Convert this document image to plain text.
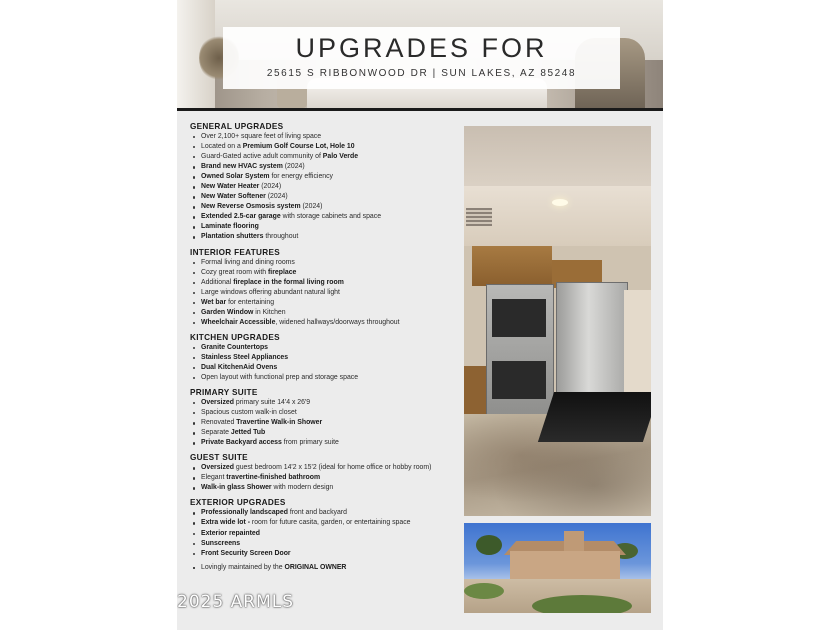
UPGRADES FOR
25615 S RIBBONWOOD DR | SUN LAKES, AZ 85248
GENERAL UPGRADES
Over 2,100+ square feet of living space
Located on a Premium Golf Course Lot, Hole 10
Guard-Gated active adult community of Palo Verde
Brand new HVAC system (2024)
Owned Solar System for energy efficiency
New Water Heater (2024)
New Water Softener (2024)
New Reverse Osmosis system (2024)
Extended 2.5-car garage with storage cabinets and space
Laminate flooring
Plantation shutters throughout
INTERIOR FEATURES
Formal living and dining rooms
Cozy great room with fireplace
Additional fireplace in the formal living room
Large windows offering abundant natural light
Wet bar for entertaining
Garden Window in Kitchen
Wheelchair Accessible, widened hallways/doorways throughout
KITCHEN UPGRADES
Granite Countertops
Stainless Steel Appliances
Dual KitchenAid Ovens
Open layout with functional prep and storage space
PRIMARY SUITE
Oversized primary suite 14'4 x 26'9
Spacious custom walk-in closet
Renovated Travertine Walk-in Shower
Separate Jetted Tub
Private Backyard access from primary suite
GUEST SUITE
Oversized guest bedroom 14'2 x 15'2 (ideal for home office or hobby room)
Elegant travertine-finished bathroom
Walk-in glass Shower with modern design
EXTERIOR UPGRADES
Professionally landscaped front and backyard
Extra wide lot - room for future casita, garden, or entertaining space
Exterior repainted
Sunscreens
Front Security Screen Door
Lovingly maintained by the ORIGINAL OWNER
2025 ARMLS
